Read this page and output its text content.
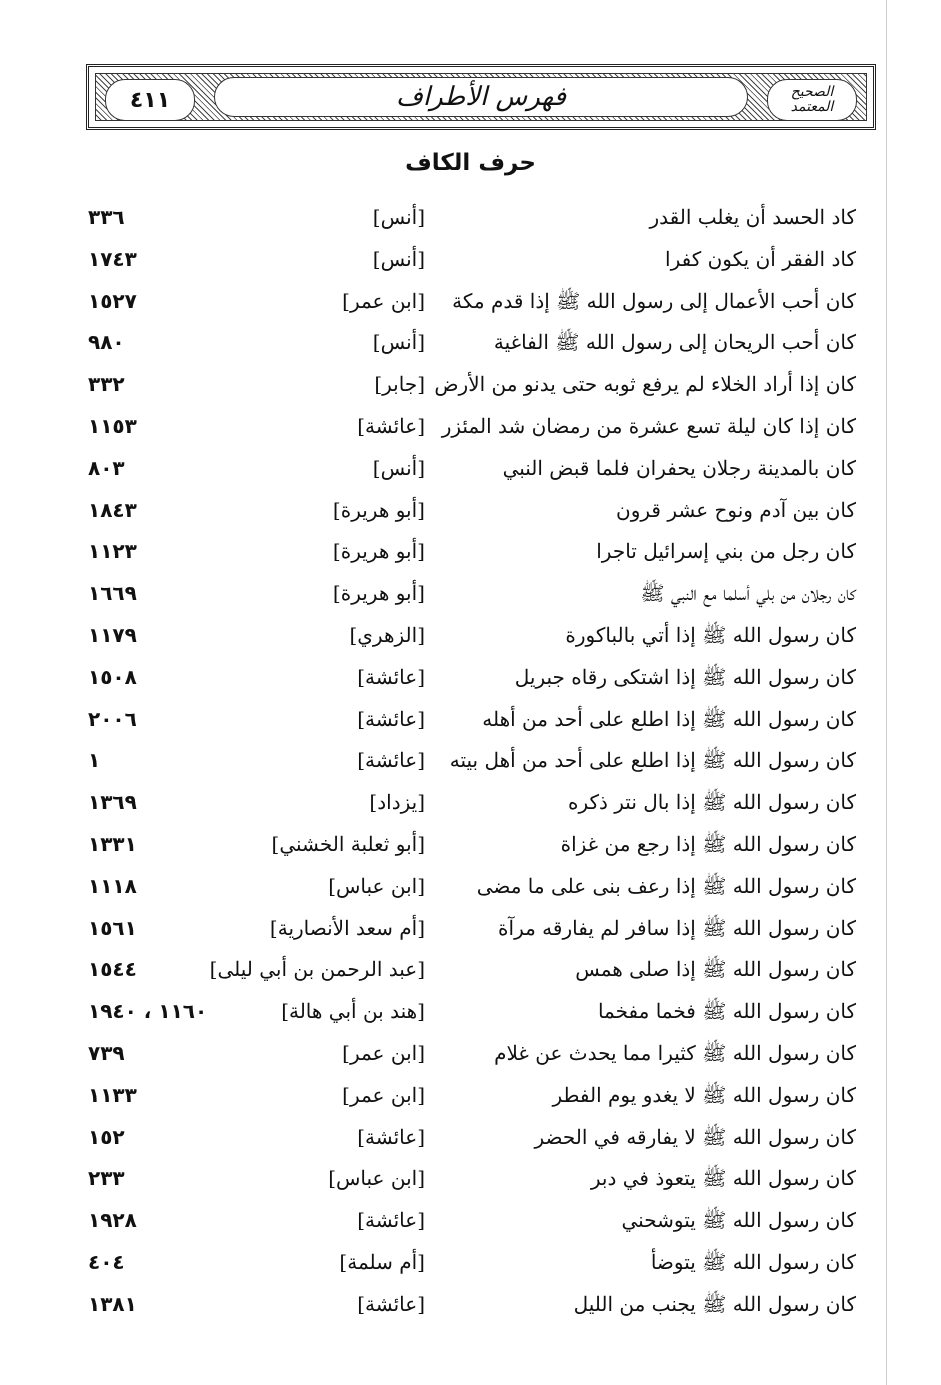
٤١١	فهرس الأطراف	الصحيح المعتمد
حرف الكاف
كاد الحسد أن يغلب القدر
[أنس]
٣٣٦
كاد الفقر أن يكون كفرا
[أنس]
١٧٤٣
كان أحب الأعمال إلى رسول الله ﷺ إذا قدم مكة
[ابن عمر]
١٥٢٧
كان أحب الريحان إلى رسول الله ﷺ الفاغية
[أنس]
٩٨٠
كان إذا أراد الخلاء لم يرفع ثوبه حتى يدنو من الأرض
[جابر]
٣٣٢
كان إذا كان ليلة تسع عشرة من رمضان شد المئزر
[عائشة]
١١٥٣
كان بالمدينة رجلان يحفران فلما قبض النبي
[أنس]
٨٠٣
كان بين آدم ونوح عشر قرون
[أبو هريرة]
١٨٤٣
كان رجل من بني إسرائيل تاجرا
[أبو هريرة]
١١٢٣
كان رجلان من بلي أسلما مع النبي ﷺ
[أبو هريرة]
١٦٦٩
كان رسول الله ﷺ إذا أتي بالباكورة
[الزهري]
١١٧٩
كان رسول الله ﷺ إذا اشتكى رقاه جبريل
[عائشة]
١٥٠٨
كان رسول الله ﷺ إذا اطلع على أحد من أهله
[عائشة]
٢٠٠٦
كان رسول الله ﷺ إذا اطلع على أحد من أهل بيته
[عائشة]
١
كان رسول الله ﷺ إذا بال نتر ذكره
[يزداد]
١٣٦٩
كان رسول الله ﷺ إذا رجع من غزاة
[أبو ثعلبة الخشني]
١٣٣١
كان رسول الله ﷺ إذا رعف بنى على ما مضى
[ابن عباس]
١١١٨
كان رسول الله ﷺ إذا سافر لم يفارقه مرآة
[أم سعد الأنصارية]
١٥٦١
كان رسول الله ﷺ إذا صلى همس
[عبد الرحمن بن أبي ليلى]
١٥٤٤
كان رسول الله ﷺ فخما مفخما
[هند بن أبي هالة]
١١٦٠ ، ١٩٤٠
كان رسول الله ﷺ كثيرا مما يحدث عن غلام
[ابن عمر]
٧٣٩
كان رسول الله ﷺ لا يغدو يوم الفطر
[ابن عمر]
١١٣٣
كان رسول الله ﷺ لا يفارقه في الحضر
[عائشة]
١٥٢
كان رسول الله ﷺ يتعوذ في دبر
[ابن عباس]
٢٣٣
كان رسول الله ﷺ يتوشحني
[عائشة]
١٩٢٨
كان رسول الله ﷺ يتوضأ
[أم سلمة]
٤٠٤
كان رسول الله ﷺ يجنب من الليل
[عائشة]
١٣٨١
